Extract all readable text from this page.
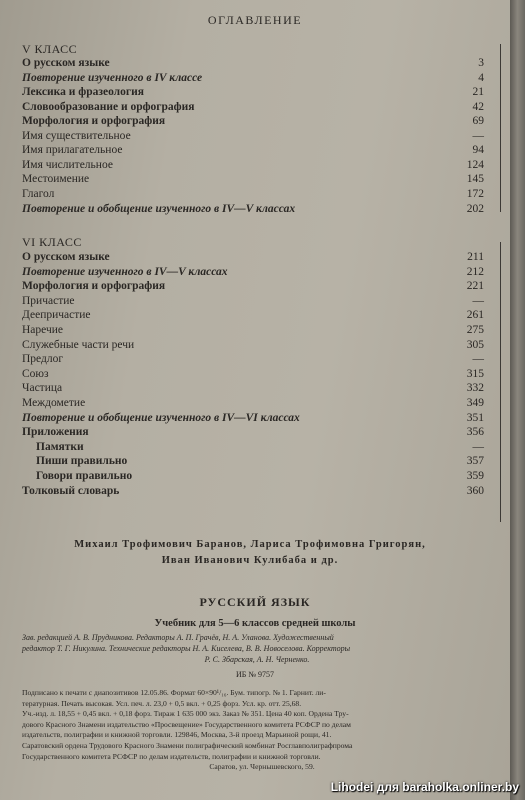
ОГЛАВЛЕНИЕ
V КЛАСС
О русском языке	3
Повторение изученного в IV классе	4
Лексика и фразеология	21
Словообразование и орфография	42
Морфология и орфография	69
Имя существительное	—
Имя прилагательное	94
Имя числительное	124
Местоимение	145
Глагол	172
Повторение и обобщение изученного в IV—V классах	202
VI КЛАСС
О русском языке	211
Повторение изученного в IV—V классах	212
Морфология и орфография	221
Причастие	—
Деепричастие	261
Наречие	275
Служебные части речи	305
Предлог	—
Союз	315
Частица	332
Междометие	349
Повторение и обобщение изученного в IV—VI классах	351
Приложения	356
Памятки	—
Пиши правильно	357
Говори правильно	359
Толковый словарь	360
Михаил Трофимович Баранов, Лариса Трофимовна Григорян,
Иван Иванович Кулибаба и др.
РУССКИЙ ЯЗЫК
Учебник для 5—6 классов средней школы
Зав. редакцией А. В. Прудникова. Редакторы А. П. Грачёв, Н. А. Уланова. Художественный
редактор Т. Г. Никулина. Технические редакторы Н. А. Киселева, В. В. Новоселова. Корректоры
Р. С. Збарская, А. Н. Черненко.
ИБ № 9757
Подписано к печати с диапозитивов 12.05.86. Формат 60×90¹/₁₆. Бум. типогр. № 1. Гарнит. ли-
тературная. Печать высокая. Усл. печ. л. 23,0 + 0,5 вкл. + 0,25 форз. Усл. кр. отт. 25,68.
Уч.-изд. л. 18,55 + 0,45 вкл. + 0,18 форз. Тираж 1 635 000 экз. Заказ № 351. Цена 40 коп. Ордена Тру-
дового Красного Знамени издательство «Просвещение» Государственного комитета РСФСР по делам
издательств, полиграфии и книжной торговли. 129846, Москва, 3-й проезд Марьиной рощи, 41.
Саратовский ордена Трудового Красного Знамени полиграфический комбинат Росглавполиграфпрома
Государственного комитета РСФСР по делам издательств, полиграфии и книжной торговли.
Саратов, ул. Чернышевского, 59.
Lihodei для baraholka.onliner.by
